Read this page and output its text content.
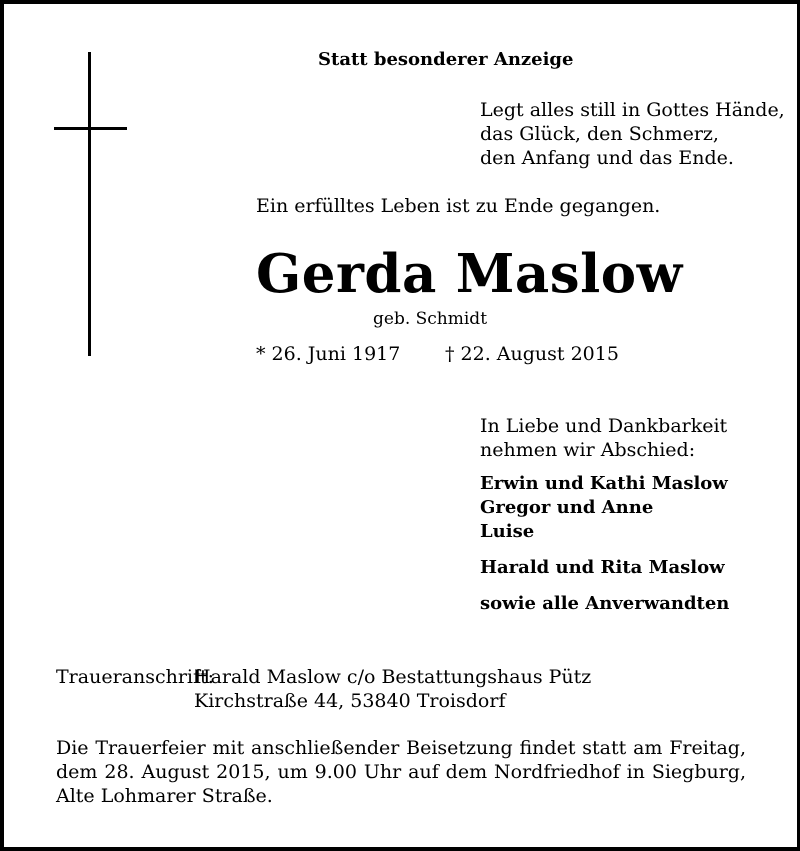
Statt besonderer Anzeige
Legt alles still in Gottes Hände,
das Glück, den Schmerz,
den Anfang und das Ende.
Ein erfülltes Leben ist zu Ende gegangen.
Gerda Maslow
geb. Schmidt
* 26. Juni 1917 † 22. August 2015
In Liebe und Dankbarkeit
nehmen wir Abschied:
Erwin und Kathi Maslow
Gregor und Anne
Luise
Harald und Rita Maslow
sowie alle Anverwandten
Traueranschrift:
Harald Maslow c/o Bestattungshaus Pütz
Kirchstraße 44, 53840 Troisdorf
Die Trauerfeier mit anschließender Beisetzung findet statt am Freitag, dem 28. August 2015, um 9.00 Uhr auf dem Nordfriedhof in Siegburg, Alte Lohmarer Straße.
